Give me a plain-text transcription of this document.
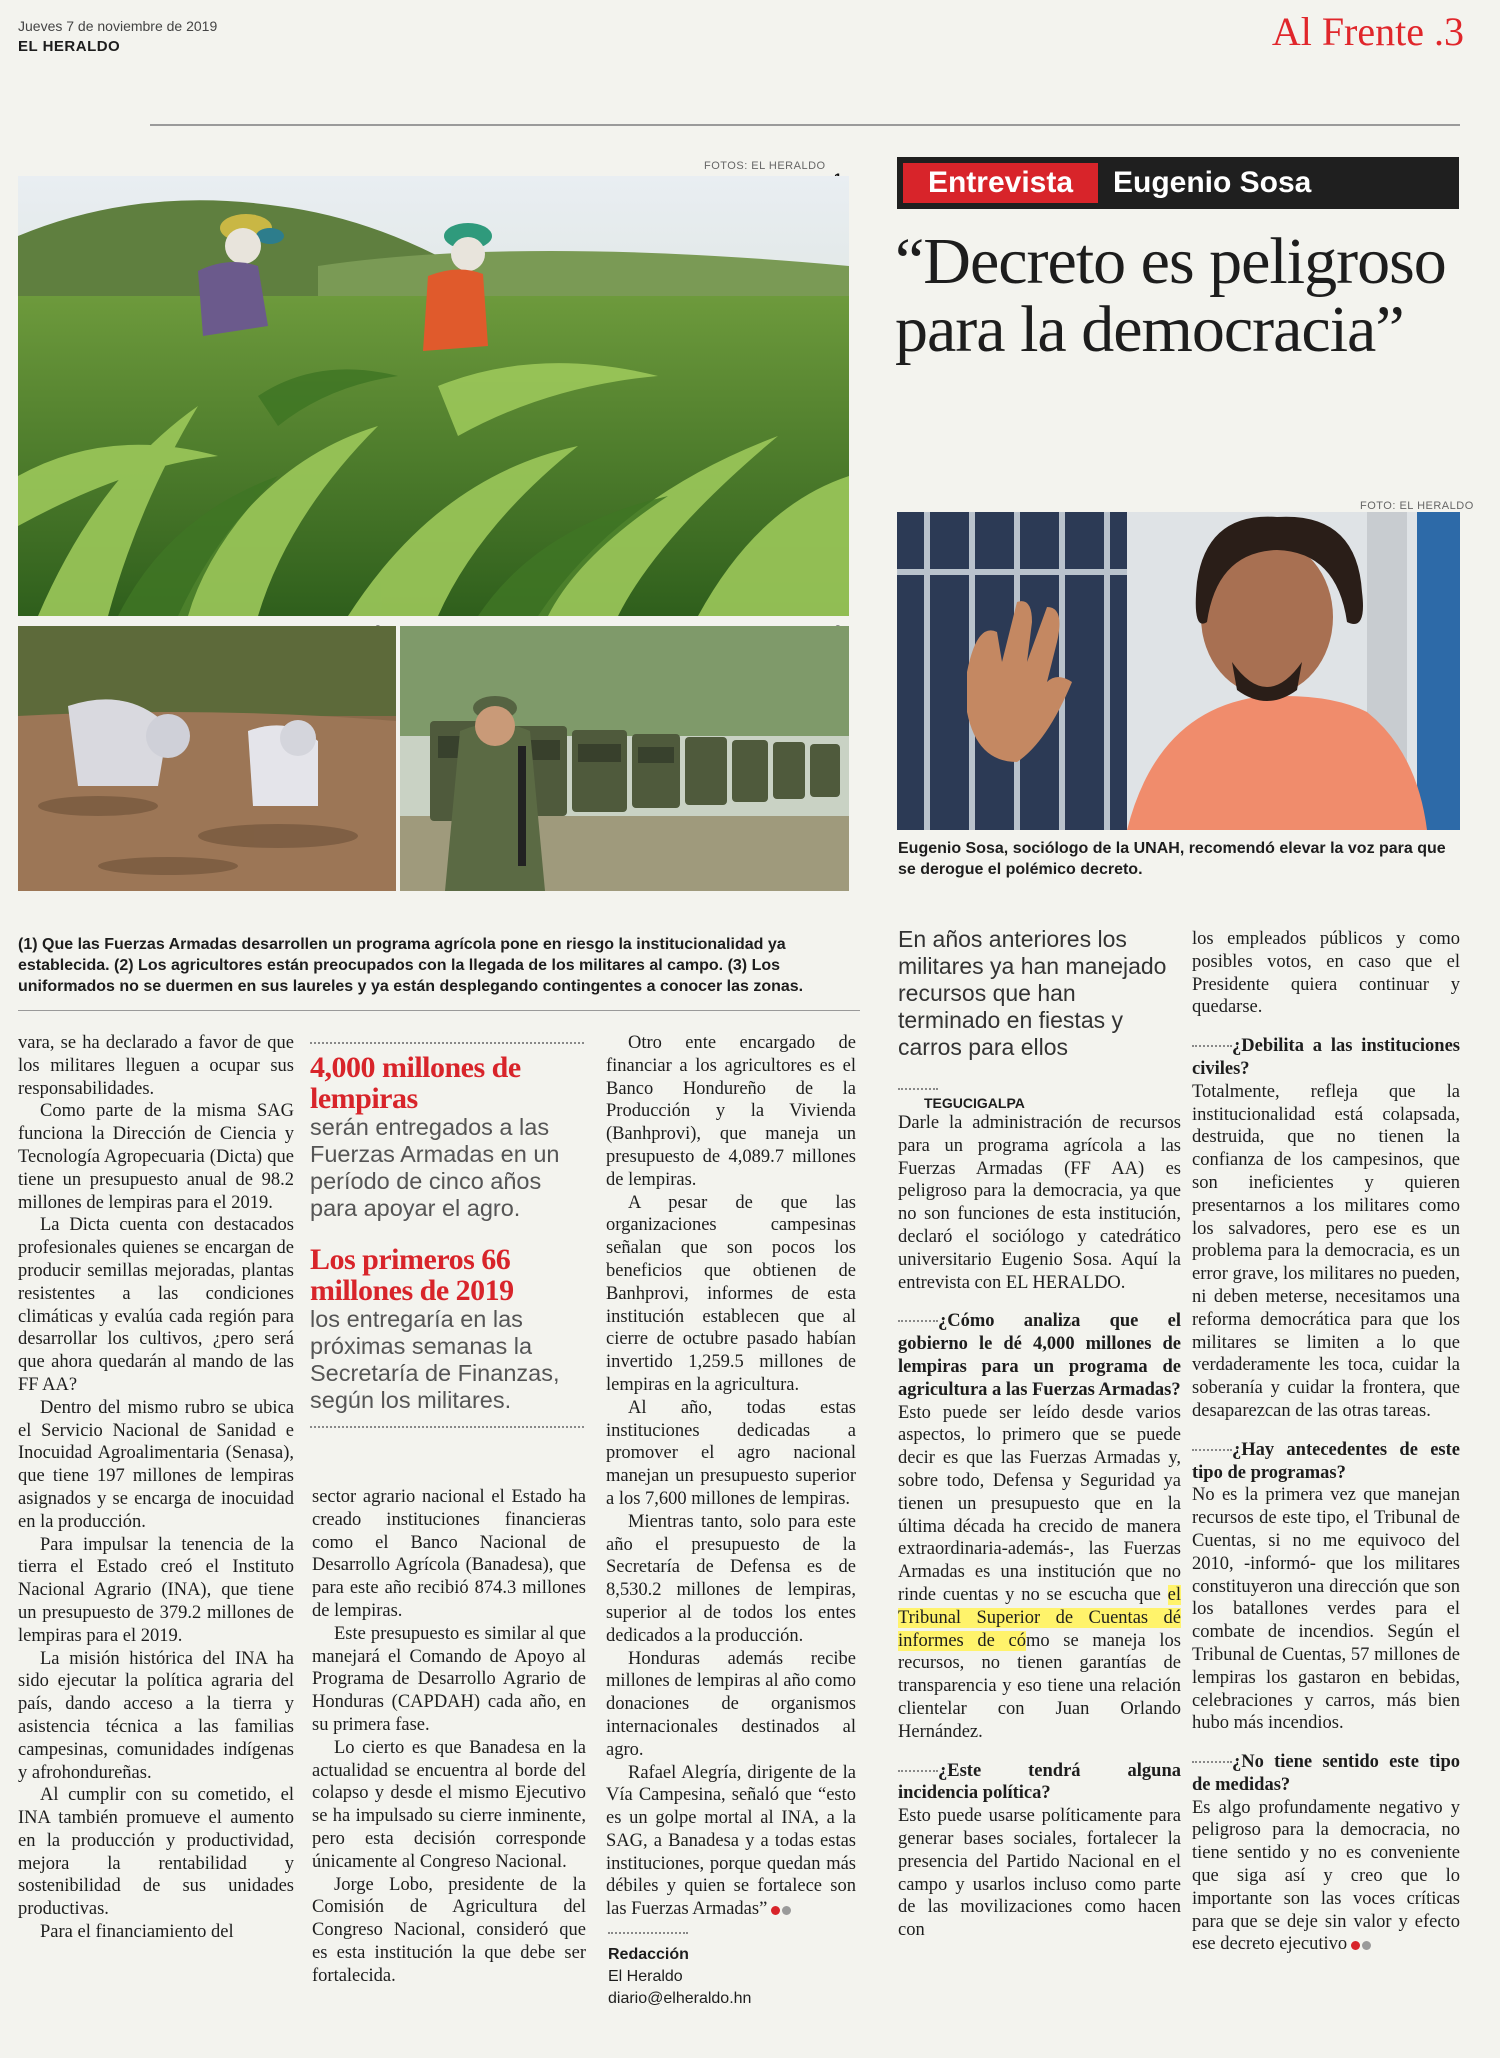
Jueves 7 de noviembre de 2019
EL HERALDO	Al Frente .3
FOTOS: EL HERALDO
(1) Que las Fuerzas Armadas desarrollen un programa agrícola pone en riesgo la institucionalidad ya establecida. (2) Los agricultores están preocupados con la llegada de los militares al campo. (3) Los uniformados no se duermen en sus laureles y ya están desplegando contingentes a conocer las zonas.

vara, se ha declarado a favor de que los militares lleguen a ocupar sus responsabilidades.

Como parte de la misma SAG funciona la Dirección de Ciencia y Tecnología Agropecuaria (Dicta) que tiene un presupuesto anual de 98.2 millones de lempiras para el 2019.

La Dicta cuenta con destacados profesionales quienes se encargan de producir semillas mejoradas, plantas resistentes a las condiciones climáticas y evalúa cada región para desarrollar los cultivos, ¿pero será que ahora quedarán al mando de las FF AA?

Dentro del mismo rubro se ubica el Servicio Nacional de Sanidad e Inocuidad Agroalimentaria (Senasa), que tiene 197 millones de lempiras asignados y se encarga de inocuidad en la producción.

Para impulsar la tenencia de la tierra el Estado creó el Instituto Nacional Agrario (INA), que tiene un presupuesto de 379.2 millones de lempiras para el 2019.

La misión histórica del INA ha sido ejecutar la política agraria del país, dando acceso a la tierra y asistencia técnica a las familias campesinas, comunidades indígenas y afrohondureñas.

Al cumplir con su cometido, el INA también promueve el aumento en la producción y productividad, mejora la rentabilidad y sostenibilidad de sus unidades productivas.

Para el financiamiento del

4,000 millones de lempiras
serán entregados a las Fuerzas Armadas en un período de cinco años para apoyar el agro.
Los primeros 66 millones de 2019
los entregaría en las próximas semanas la Secretaría de Finanzas, según los militares.

sector agrario nacional el Estado ha creado instituciones financieras como el Banco Nacional de Desarrollo Agrícola (Banadesa), que para este año recibió 874.3 millones de lempiras.

Este presupuesto es similar al que manejará el Comando de Apoyo al Programa de Desarrollo Agrario de Honduras (CAPDAH) cada año, en su primera fase.

Lo cierto es que Banadesa en la actualidad se encuentra al borde del colapso y desde el mismo Ejecutivo se ha impulsado su cierre inminente, pero esta decisión corresponde únicamente al Congreso Nacional.

Jorge Lobo, presidente de la Comisión de Agricultura del Congreso Nacional, consideró que es esta institución la que debe ser fortalecida.

Otro ente encargado de financiar a los agricultores es el Banco Hondureño de la Producción y la Vivienda (Banhprovi), que maneja un presupuesto de 4,089.7 millones de lempiras.

A pesar de que las organizaciones campesinas señalan que son pocos los beneficios que obtienen de Banhprovi, informes de esta institución establecen que al cierre de octubre pasado habían invertido 1,259.5 millones de lempiras en la agricultura.

Al año, todas estas instituciones dedicadas a promover el agro nacional manejan un presupuesto superior a los 7,600 millones de lempiras.

Mientras tanto, solo para este año el presupuesto de la Secretaría de Defensa es de 8,530.2 millones de lempiras, superior al de todos los entes dedicados a la producción.

Honduras además recibe millones de lempiras al año como donaciones de organismos internacionales destinados al agro.

Rafael Alegría, dirigente de la Vía Campesina, señaló que “esto es un golpe mortal al INA, a la SAG, a Banadesa y a todas estas instituciones, porque quedan más débiles y quien se fortalece son las Fuerzas Armadas”

Redacción
El Heraldo
diario@elheraldo.hn
Entrevista	Eugenio Sosa
“Decreto es peligroso para la democracia”
FOTO: EL HERALDO
Eugenio Sosa, sociólogo de la UNAH, recomendó elevar la voz para que se derogue el polémico decreto.
En años anteriores los militares ya han manejado recursos que han terminado en fiestas y carros para ellos
TEGUCIGALPA

Darle la administración de recursos para un programa agrícola a las Fuerzas Armadas (FF AA) es peligroso para la democracia, ya que no son funciones de esta institución, declaró el sociólogo y catedrático universitario Eugenio Sosa. Aquí la entrevista con EL HERALDO.

¿Cómo analiza que el gobierno le dé 4,000 millones de lempiras para un programa de agricultura a las Fuerzas Armadas?

Esto puede ser leído desde varios aspectos, lo primero que se puede decir es que las Fuerzas Armadas y, sobre todo, Defensa y Seguridad ya tienen un presupuesto que en la última década ha crecido de manera extraordinaria-además-, las Fuerzas Armadas es una institución que no rinde cuentas y no se escucha que el Tribunal Superior de Cuentas dé informes de cómo se maneja los recursos, no tienen garantías de transparencia y eso tiene una relación clientelar con Juan Orlando Hernández.

¿Este tendrá alguna incidencia política?

Esto puede usarse políticamente para generar bases sociales, fortalecer la presencia del Partido Nacional en el campo y usarlos incluso como parte de las movilizaciones como hacen con

los empleados públicos y como posibles votos, en caso que el Presidente quiera continuar y quedarse.

¿Debilita a las instituciones civiles?

Totalmente, refleja que la institucionalidad está colapsada, destruida, que no tienen la confianza de los campesinos, que son ineficientes y quieren presentarnos a los militares como los salvadores, pero ese es un problema para la democracia, es un error grave, los militares no pueden, ni deben meterse, necesitamos una reforma democrática para que los militares se limiten a lo que verdaderamente les toca, cuidar la soberanía y cuidar la frontera, que desaparezcan de las otras tareas.

¿Hay antecedentes de este tipo de programas?

No es la primera vez que manejan recursos de este tipo, el Tribunal de Cuentas, si no me equivoco del 2010, -informó- que los militares constituyeron una dirección que son los batallones verdes para el combate de incendios. Según el Tribunal de Cuentas, 57 millones de lempiras los gastaron en bebidas, celebraciones y carros, más bien hubo más incendios.

¿No tiene sentido este tipo de medidas?

Es algo profundamente negativo y peligroso para la democracia, no tiene sentido y no es conveniente que siga así y creo que lo importante son las voces críticas para que se deje sin valor y efecto ese decreto ejecutivo
